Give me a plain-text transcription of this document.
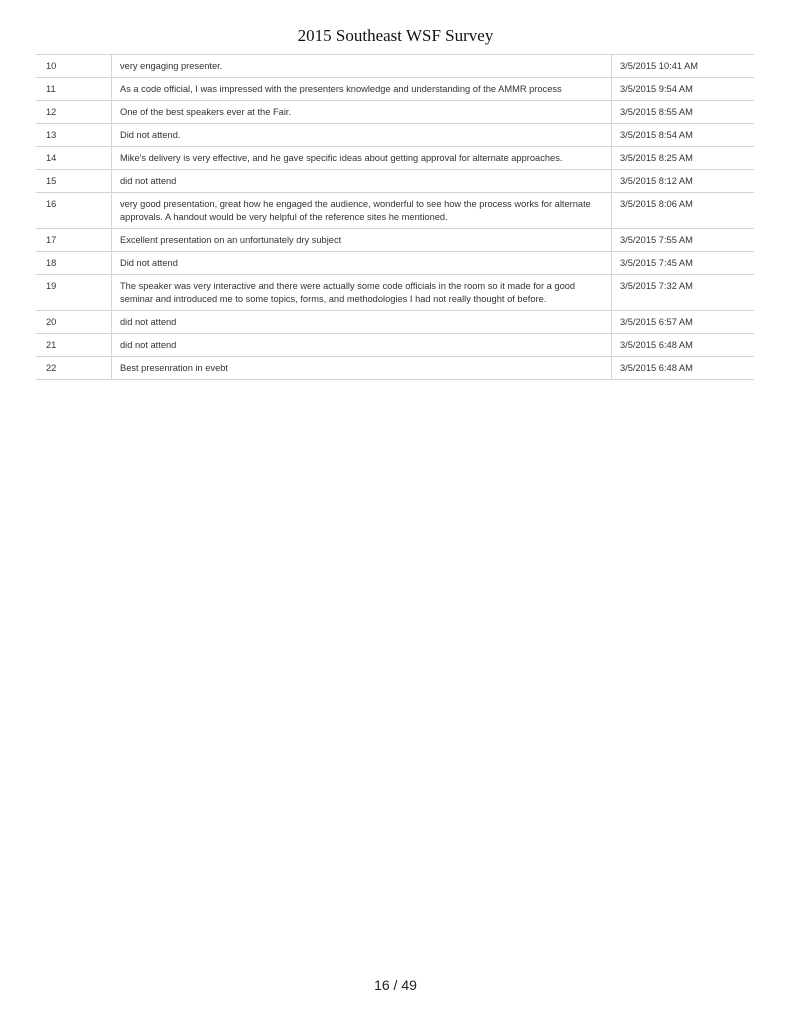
2015 Southeast WSF Survey
10	very engaging presenter.	3/5/2015 10:41 AM
11	As a code official, I was impressed with the presenters knowledge and understanding of the AMMR process	3/5/2015 9:54 AM
12	One of the best speakers ever at the Fair.	3/5/2015 8:55 AM
13	Did not attend.	3/5/2015 8:54 AM
14	Mike's delivery is very effective, and he gave specific ideas about getting approval for alternate approaches.	3/5/2015 8:25 AM
15	did not attend	3/5/2015 8:12 AM
16	very good presentation, great how he engaged the audience, wonderful to see how the process works for alternate approvals. A handout would be very helpful of the reference sites he mentioned.	3/5/2015 8:06 AM
17	Excellent presentation on an unfortunately dry subject	3/5/2015 7:55 AM
18	Did not attend	3/5/2015 7:45 AM
19	The speaker was very interactive and there were actually some code officials in the room so it made for a good seminar and introduced me to some topics, forms, and methodologies I had not really thought of before.	3/5/2015 7:32 AM
20	did not attend	3/5/2015 6:57 AM
21	did not attend	3/5/2015 6:48 AM
22	Best presenration in evebt	3/5/2015 6:48 AM
16 / 49
